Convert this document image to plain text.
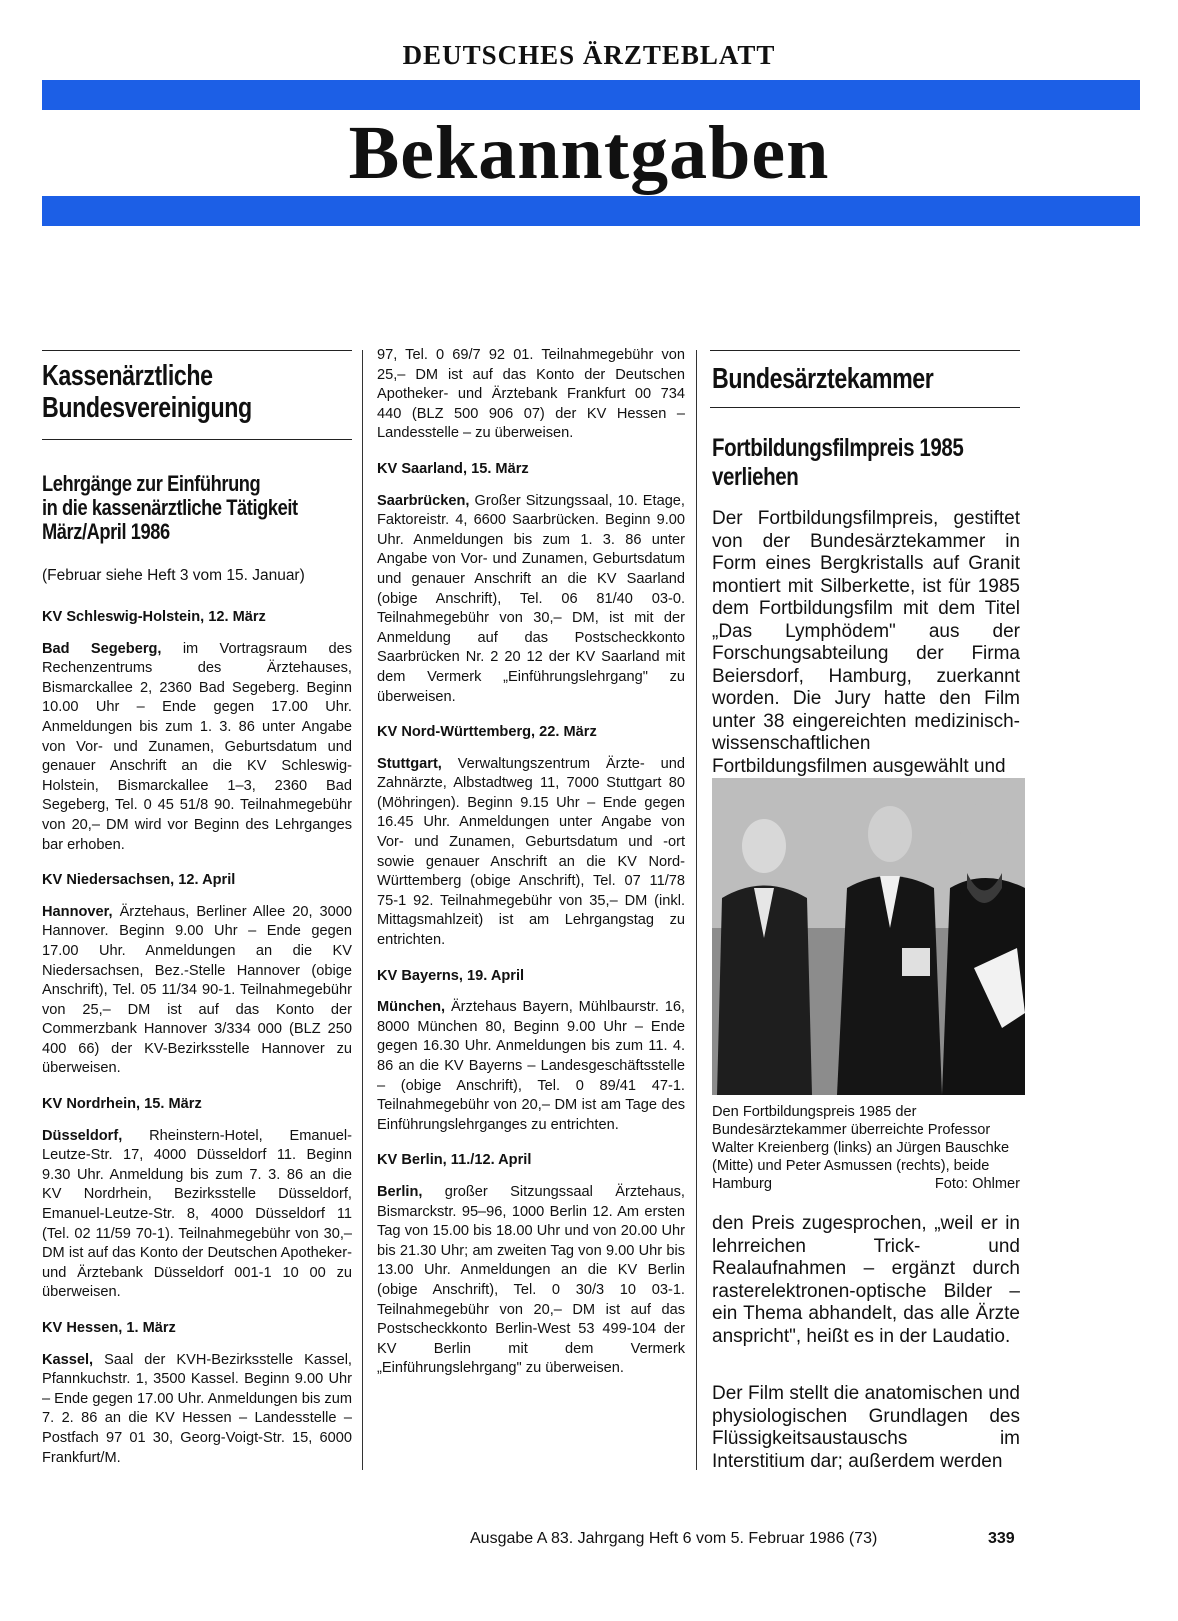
DEUTSCHES ÄRZTEBLATT
Bekanntgaben
Kassenärztliche
Bundesvereinigung
Lehrgänge zur Einführung
in die kassenärztliche Tätigkeit
März/April 1986
(Februar siehe Heft 3 vom 15. Januar)

KV Schleswig-Holstein, 12. März

Bad Segeberg, im Vortragsraum des Rechenzentrums des Ärztehauses, Bismarckallee 2, 2360 Bad Segeberg. Beginn 10.00 Uhr – Ende gegen 17.00 Uhr. Anmeldungen bis zum 1. 3. 86 unter Angabe von Vor- und Zunamen, Geburtsdatum und genauer Anschrift an die KV Schleswig-Holstein, Bismarckallee 1–3, 2360 Bad Segeberg, Tel. 0 45 51/8 90. Teilnahmegebühr von 20,– DM wird vor Beginn des Lehrganges bar erhoben.

KV Niedersachsen, 12. April

Hannover, Ärztehaus, Berliner Allee 20, 3000 Hannover. Beginn 9.00 Uhr – Ende gegen 17.00 Uhr. Anmeldungen an die KV Niedersachsen, Bez.-Stelle Hannover (obige Anschrift), Tel. 05 11/34 90-1. Teilnahmegebühr von 25,– DM ist auf das Konto der Commerzbank Hannover 3/334 000 (BLZ 250 400 66) der KV-Bezirksstelle Hannover zu überweisen.

KV Nordrhein, 15. März

Düsseldorf, Rheinstern-Hotel, Emanuel-Leutze-Str. 17, 4000 Düsseldorf 11. Beginn 9.30 Uhr. Anmeldung bis zum 7. 3. 86 an die KV Nordrhein, Bezirksstelle Düsseldorf, Emanuel-Leutze-Str. 8, 4000 Düsseldorf 11 (Tel. 02 11/59 70-1). Teilnahmegebühr von 30,– DM ist auf das Konto der Deutschen Apotheker- und Ärztebank Düsseldorf 001-1 10 00 zu überweisen.

KV Hessen, 1. März

Kassel, Saal der KVH-Bezirksstelle Kassel, Pfannkuchstr. 1, 3500 Kassel. Beginn 9.00 Uhr – Ende gegen 17.00 Uhr. Anmeldungen bis zum 7. 2. 86 an die KV Hessen – Landesstelle – Postfach 97 01 30, Georg-Voigt-Str. 15, 6000 Frankfurt/M.

97, Tel. 0 69/7 92 01. Teilnahmegebühr von 25,– DM ist auf das Konto der Deutschen Apotheker- und Ärztebank Frankfurt 00 734 440 (BLZ 500 906 07) der KV Hessen – Landesstelle – zu überweisen.

KV Saarland, 15. März

Saarbrücken, Großer Sitzungssaal, 10. Etage, Faktoreistr. 4, 6600 Saarbrücken. Beginn 9.00 Uhr. Anmeldungen bis zum 1. 3. 86 unter Angabe von Vor- und Zunamen, Geburtsdatum und genauer Anschrift an die KV Saarland (obige Anschrift), Tel. 06 81/40 03-0. Teilnahmegebühr von 30,– DM, ist mit der Anmeldung auf das Postscheckkonto Saarbrücken Nr. 2 20 12 der KV Saarland mit dem Vermerk „Einführungslehrgang" zu überweisen.

KV Nord-Württemberg, 22. März

Stuttgart, Verwaltungszentrum Ärzte- und Zahnärzte, Albstadtweg 11, 7000 Stuttgart 80 (Möhringen). Beginn 9.15 Uhr – Ende gegen 16.45 Uhr. Anmeldungen unter Angabe von Vor- und Zunamen, Geburtsdatum und -ort sowie genauer Anschrift an die KV Nord-Württemberg (obige Anschrift), Tel. 07 11/78 75-1 92. Teilnahmegebühr von 35,– DM (inkl. Mittagsmahlzeit) ist am Lehrgangstag zu entrichten.

KV Bayerns, 19. April

München, Ärztehaus Bayern, Mühlbaurstr. 16, 8000 München 80, Beginn 9.00 Uhr – Ende gegen 16.30 Uhr. Anmeldungen bis zum 11. 4. 86 an die KV Bayerns – Landesgeschäftsstelle – (obige Anschrift), Tel. 0 89/41 47-1. Teilnahmegebühr von 20,– DM ist am Tage des Einführungslehrganges zu entrichten.

KV Berlin, 11./12. April

Berlin, großer Sitzungssaal Ärztehaus, Bismarckstr. 95–96, 1000 Berlin 12. Am ersten Tag von 15.00 bis 18.00 Uhr und von 20.00 Uhr bis 21.30 Uhr; am zweiten Tag von 9.00 Uhr bis 13.00 Uhr. Anmeldungen an die KV Berlin (obige Anschrift), Tel. 0 30/3 10 03-1. Teilnahmegebühr von 20,– DM ist auf das Postscheckkonto Berlin-West 53 499-104 der KV Berlin mit dem Vermerk „Einführungslehrgang" zu überweisen.

Bundesärztekammer
Fortbildungsfilmpreis 1985
verliehen
Der Fortbildungsfilmpreis, gestiftet von der Bundesärztekammer in Form eines Bergkristalls auf Granit montiert mit Silberkette, ist für 1985 dem Fortbildungsfilm mit dem Titel „Das Lymphödem" aus der Forschungsabteilung der Firma Beiersdorf, Hamburg, zuerkannt worden. Die Jury hatte den Film unter 38 eingereichten medizinisch-wissenschaftlichen Fortbildungsfilmen ausgewählt und
Den Fortbildungspreis 1985 der Bundesärztekammer überreichte Professor Walter Kreienberg (links) an Jürgen Bauschke (Mitte) und Peter Asmussen (rechts), beide Hamburg	Foto: Ohlmer
den Preis zugesprochen, „weil er in lehrreichen Trick- und Realaufnahmen – ergänzt durch rasterelektronen-optische Bilder – ein Thema abhandelt, das alle Ärzte anspricht", heißt es in der Laudatio.
Der Film stellt die anatomischen und physiologischen Grundlagen des Flüssigkeitsaustauschs im Interstitium dar; außerdem werden
Ausgabe A 83. Jahrgang Heft 6 vom 5. Februar 1986 (73)	339
